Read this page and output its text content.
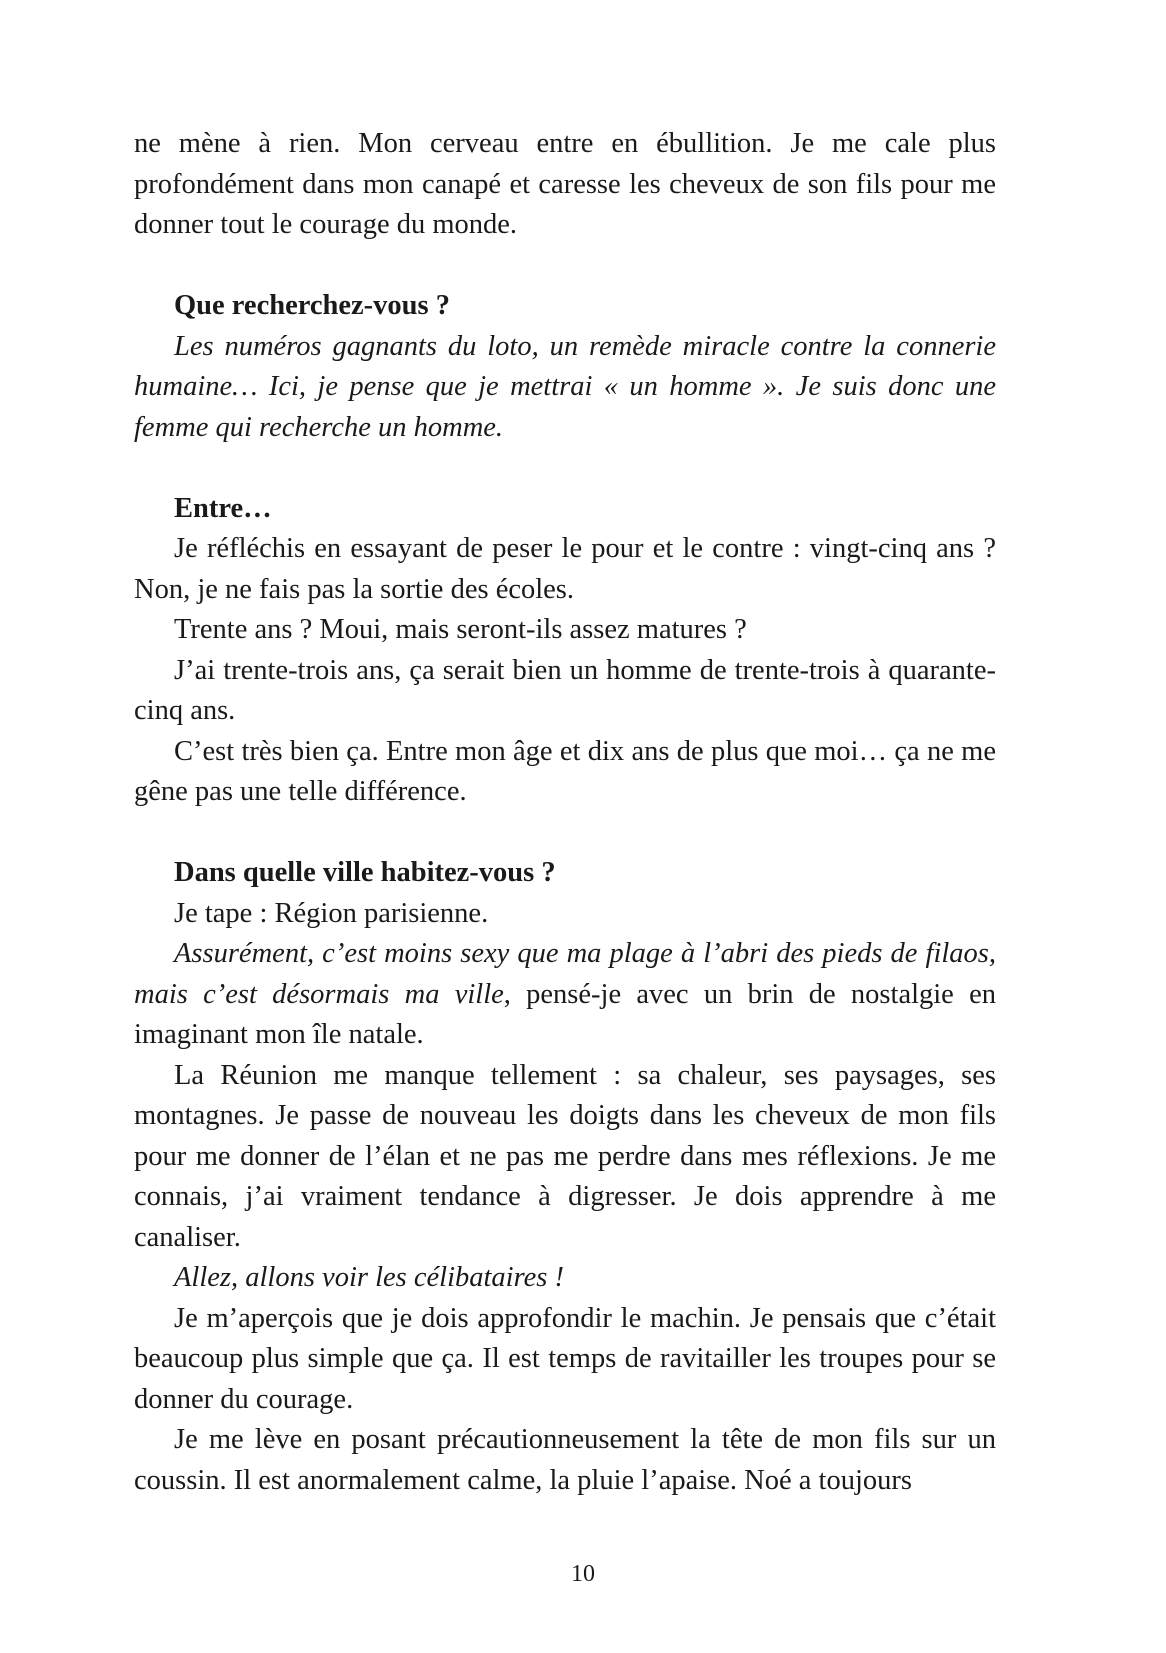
ne mène à rien. Mon cerveau entre en ébullition. Je me cale plus profondément dans mon canapé et caresse les cheveux de son fils pour me donner tout le courage du monde.

Que recherchez-vous ?

Les numéros gagnants du loto, un remède miracle contre la connerie humaine… Ici, je pense que je mettrai « un homme ». Je suis donc une femme qui recherche un homme.

Entre…

Je réfléchis en essayant de peser le pour et le contre : vingt-cinq ans ? Non, je ne fais pas la sortie des écoles.

Trente ans ? Moui, mais seront-ils assez matures ?

J’ai trente-trois ans, ça serait bien un homme de trente-trois à quarante-cinq ans.

C’est très bien ça. Entre mon âge et dix ans de plus que moi… ça ne me gêne pas une telle différence.

Dans quelle ville habitez-vous ?

Je tape : Région parisienne.

Assurément, c’est moins sexy que ma plage à l’abri des pieds de filaos, mais c’est désormais ma ville, pensé-je avec un brin de nostalgie en imaginant mon île natale.

La Réunion me manque tellement : sa chaleur, ses paysages, ses montagnes. Je passe de nouveau les doigts dans les cheveux de mon fils pour me donner de l’élan et ne pas me perdre dans mes réflexions. Je me connais, j’ai vraiment tendance à digresser. Je dois apprendre à me canaliser.

Allez, allons voir les célibataires !

Je m’aperçois que je dois approfondir le machin. Je pensais que c’était beaucoup plus simple que ça. Il est temps de ravitailler les troupes pour se donner du courage.

Je me lève en posant précautionneusement la tête de mon fils sur un coussin. Il est anormalement calme, la pluie l’apaise. Noé a toujours

10
